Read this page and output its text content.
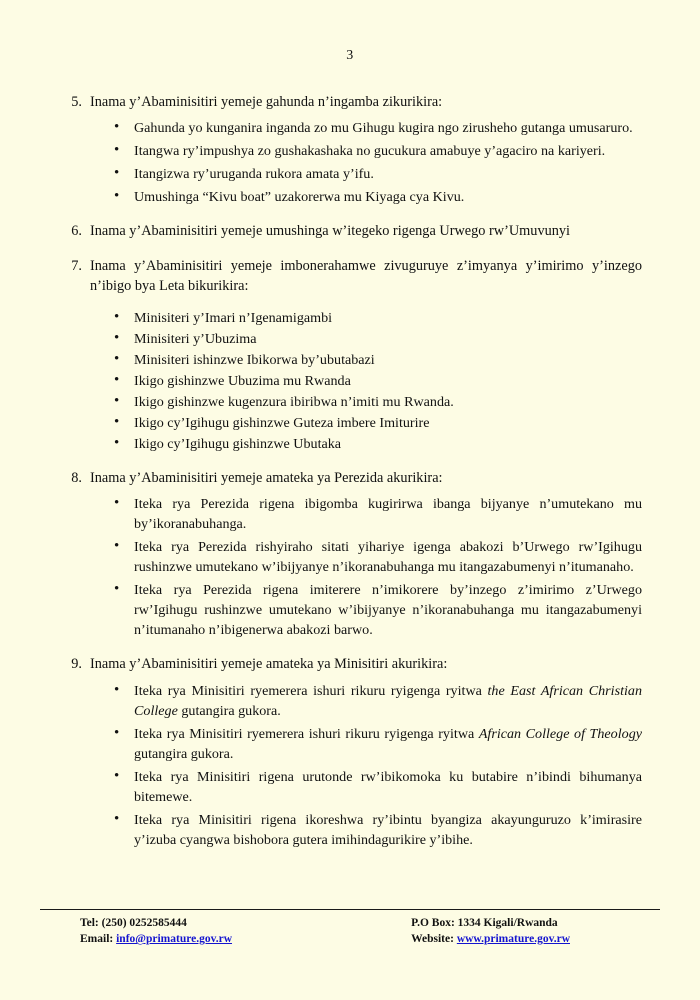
3
5. Inama y’Abaminisitiri yemeje gahunda n’ingamba zikurikira:
• Gahunda yo kunganira inganda zo mu Gihugu kugira ngo zirusheho gutanga umusaruro.
• Itangwa ry’impushya zo gushakashaka no gucukura amabuye y’agaciro na kariyeri.
• Itangizwa ry’uruganda rukora amata y’ifu.
• Umushinga “Kivu boat” uzakorerwa mu Kiyaga cya Kivu.
6. Inama y’Abaminisitiri yemeje umushinga w’itegeko rigenga Urwego rw’Umuvunyi
7. Inama y’Abaminisitiri yemeje imbonerahamwe zivuguruye z’imyanya y’imirimo y’inzego n’ibigo bya Leta bikurikira:
• Minisiteri y’Imari n’Igenamigambi
• Minisiteri y’Ubuzima
• Minisiteri ishinzwe Ibikorwa by’ubutabazi
• Ikigo gishinzwe Ubuzima mu Rwanda
• Ikigo gishinzwe kugenzura ibiribwa n’imiti mu Rwanda.
• Ikigo cy’Igihugu gishinzwe Guteza imbere Imiturire
• Ikigo cy’Igihugu gishinzwe Ubutaka
8. Inama y’Abaminisitiri yemeje amateka ya Perezida akurikira:
• Iteka rya Perezida rigena ibigomba kugirirwa ibanga bijyanye n’umutekano mu by’ikoranabuhanga.
• Iteka rya Perezida rishyiraho sitati yihariye igenga abakozi b’Urwego rw’Igihugu rushinzwe umutekano w’ibijyanye n’ikoranabuhanga mu itangazabumenyi n’itumanaho.
• Iteka rya Perezida rigena imiterere n’imikorere by’inzego z’imirimo z’Urwego rw’Igihugu rushinzwe umutekano w’ibijyanye n’ikoranabuhanga mu itangazabumenyi n’itumanaho n’ibigenerwa abakozi barwo.
9. Inama y’Abaminisitiri yemeje amateka ya Minisitiri akurikira:
• Iteka rya Minisitiri ryemerera ishuri rikuru ryigenga ryitwa the East African Christian College gutangira gukora.
• Iteka rya Minisitiri ryemerera ishuri rikuru ryigenga ryitwa African College of Theology gutangira gukora.
• Iteka rya Minisitiri rigena urutonde rw’ibikomoka ku butabire n’ibindi bihumanya bitemewe.
• Iteka rya Minisitiri rigena ikoreshwa ry’ibintu byangiza akayunguruzo k’imirasire y’izuba cyangwa bishobora gutera imihindagurikire y’ibihe.
Tel: (250) 0252585444
Email: info@primature.gov.rw
P.O Box: 1334 Kigali/Rwanda
Website: www.primature.gov.rw
